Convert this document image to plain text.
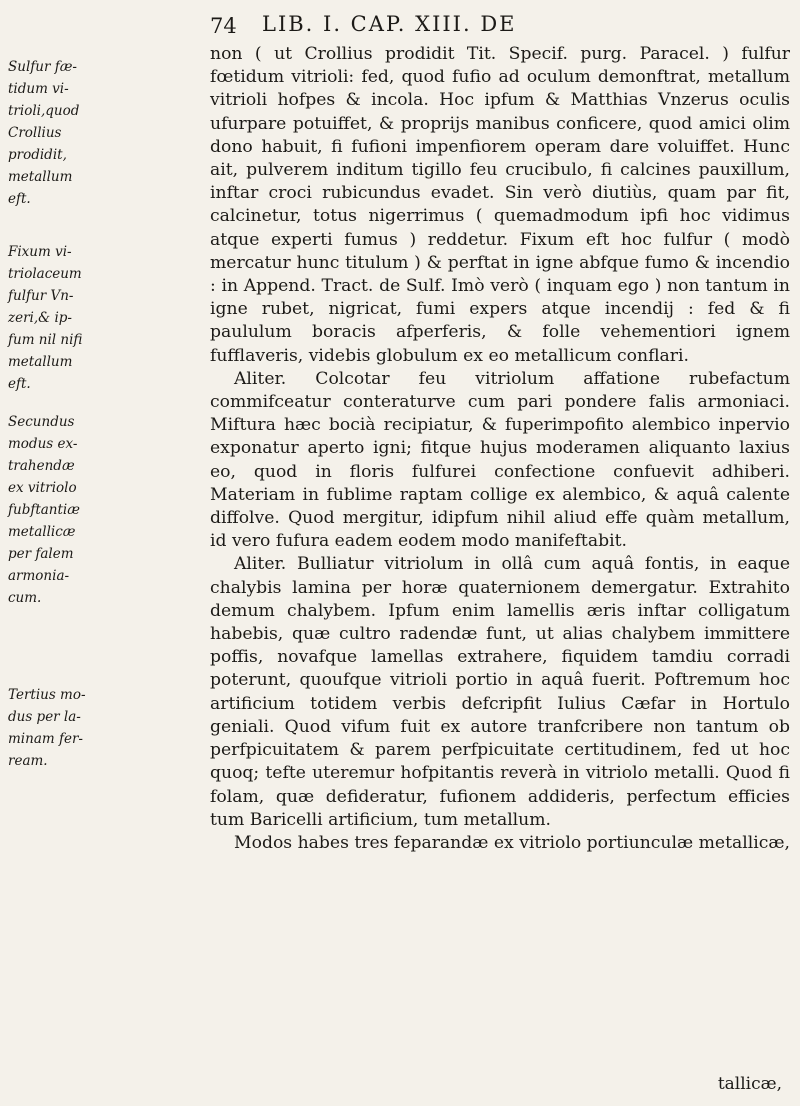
74 LIB. I. CAP. XIII. DE
Sulfur fæ-
tidum vi-
trioli,quod
Crollius
prodidit,
metallum
eft.
Fixum vi-
triolaceum
fulfur Vn-
zeri,& ip-
fum nil nifi
metallum
eft.
Secundus
modus ex-
trahendæ
ex vitriolo
fubftantiæ
metallicæ
per falem
armonia-
cum.
Tertius mo-
dus per la-
minam fer-
ream.

non ( ut Crollius prodidit Tit. Specif. purg. Paracel. ) fulfur fœtidum vitrioli: fed, quod fufio ad oculum demonftrat, metallum vitrioli hofpes & incola. Hoc ipfum & Matthias Vnzerus oculis ufurpare potuiffet, & proprijs manibus conficere, quod amici olim dono habuit, fi fufioni impenfiorem operam dare voluiffet. Hunc ait, pulverem inditum tigillo feu crucibulo, fi calcines pauxillum, inftar croci rubicundus evadet. Sin verò diutiùs, quam par fit, calcinetur, totus nigerrimus ( quemadmodum ipfi hoc vidimus atque experti fumus ) reddetur. Fixum eft hoc fulfur ( modò mercatur hunc titulum ) & perftat in igne abfque fumo & incendio : in Append. Tract. de Sulf. Imò verò ( inquam ego ) non tantum in igne rubet, nigricat, fumi expers atque incendij : fed & fi paululum boracis afperferis, & folle vehementiori ignem fufflaveris, videbis globulum ex eo metallicum conflari.

Aliter. Colcotar feu vitriolum affatione rubefactum commifceatur conteraturve cum pari pondere falis armoniaci. Miftura hæc bocià recipiatur, & fuperimpofito alembico inpervio exponatur aperto igni; fitque hujus moderamen aliquanto laxius eo, quod in floris fulfurei confectione confuevit adhiberi. Materiam in fublime raptam collige ex alembico, & aquâ calente diffolve. Quod mergitur, idipfum nihil aliud effe quàm metallum, id vero fufura eadem eodem modo manifeftabit.

Aliter. Bulliatur vitriolum in ollâ cum aquâ fontis, in eaque chalybis lamina per horæ quaternionem demergatur. Extrahito demum chalybem. Ipfum enim lamellis æris inftar colligatum habebis, quæ cultro radendæ funt, ut alias chalybem immittere poffis, novafque lamellas extrahere, fiquidem tamdiu corradi poterunt, quoufque vitrioli portio in aquâ fuerit. Poftremum hoc artificium totidem verbis defcripfit Iulius Cæfar in Hortulo geniali. Quod vifum fuit ex autore tranfcribere non tantum ob perfpicuitatem & parem perfpicuitate certitudinem, fed ut hoc quoq; tefte uteremur hofpitantis reverà in vitriolo metalli. Quod fi folam, quæ defideratur, fufionem addideris, perfectum efficies tum Baricelli artificium, tum metallum.

Modos habes tres feparandæ ex vitriolo portiunculæ metallicæ,

tallicæ,
